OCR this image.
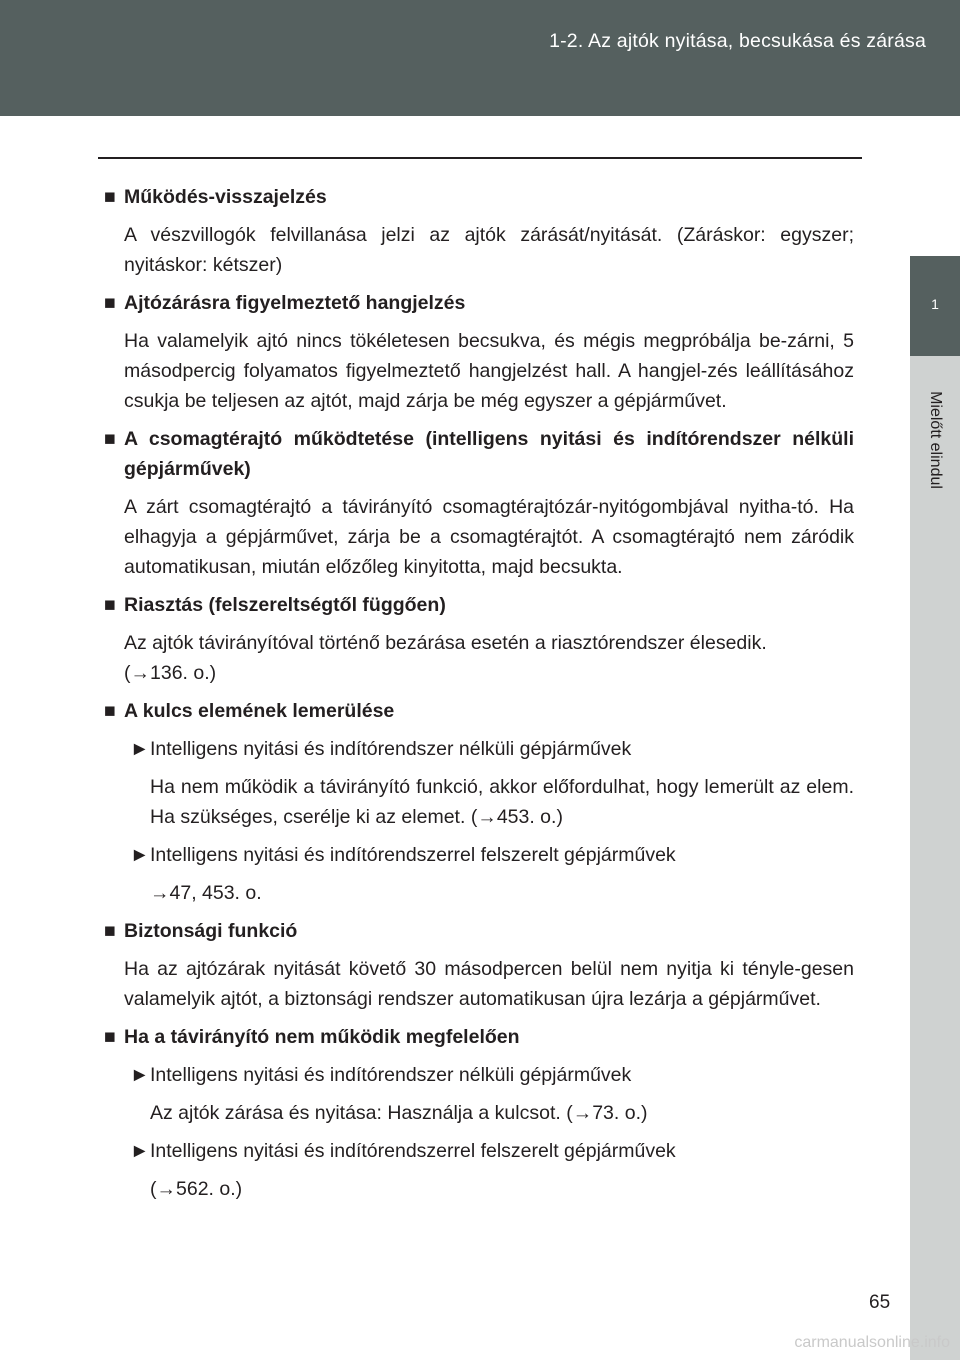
1-2. Az ajtók nyitása, becsukása és zárása
1
Mielőtt elindul
■ Működés-visszajelzés
A vészvillogók felvillanása jelzi az ajtók zárását/nyitását. (Záráskor: egyszer; nyitáskor: kétszer)
■ Ajtózárásra figyelmeztető hangjelzés
Ha valamelyik ajtó nincs tökéletesen becsukva, és mégis megpróbálja be-zárni, 5 másodpercig folyamatos figyelmeztető hangjelzést hall. A hangjel-zés leállításához csukja be teljesen az ajtót, majd zárja be még egyszer a gépjárművet.
■ A csomagtérajtó működtetése (intelligens nyitási és indítórendszer nélküli gépjárművek)
A zárt csomagtérajtó a távirányító csomagtérajtózár-nyitógombjával nyitha-tó. Ha elhagyja a gépjárművet, zárja be a csomagtérajtót. A csomagtérajtó nem záródik automatikusan, miután előzőleg kinyitotta, majd becsukta.
■ Riasztás (felszereltségtől függően)
Az ajtók távirányítóval történő bezárása esetén a riasztórendszer élesedik.
(→136. o.)
■ A kulcs elemének lemerülése
► Intelligens nyitási és indítórendszer nélküli gépjárművek
Ha nem működik a távirányító funkció, akkor előfordulhat, hogy lemerült az elem. Ha szükséges, cserélje ki az elemet. (→453. o.)
► Intelligens nyitási és indítórendszerrel felszerelt gépjárművek
→47, 453. o.
■ Biztonsági funkció
Ha az ajtózárak nyitását követő 30 másodpercen belül nem nyitja ki tényle-gesen valamelyik ajtót, a biztonsági rendszer automatikusan újra lezárja a gépjárművet.
■ Ha a távirányító nem működik megfelelően
► Intelligens nyitási és indítórendszer nélküli gépjárművek
Az ajtók zárása és nyitása: Használja a kulcsot. (→73. o.)
► Intelligens nyitási és indítórendszerrel felszerelt gépjárművek
(→562. o.)
65
carmanualsonline.info
